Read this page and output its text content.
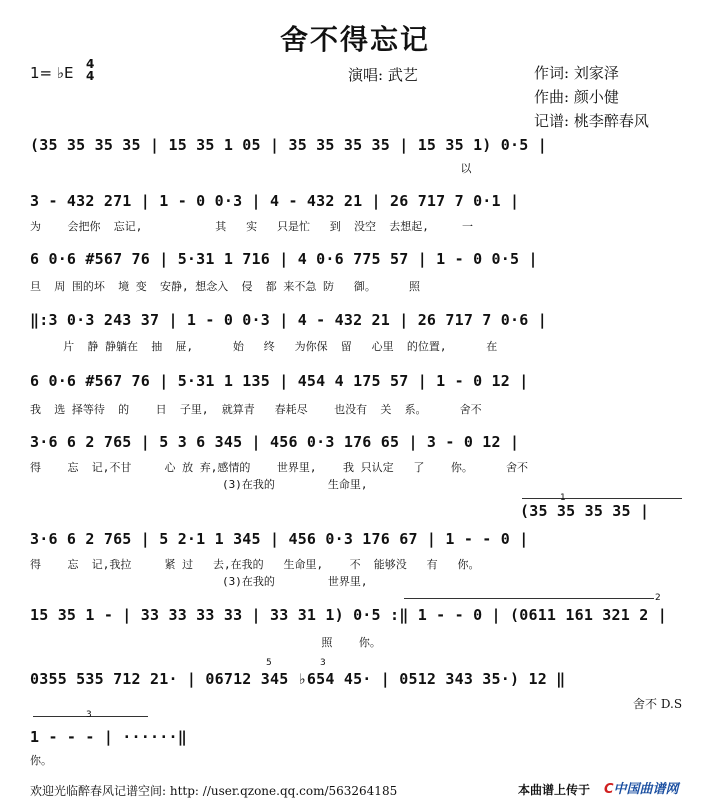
舍不得忘记
1= ♭E 4
4	演唱: 武艺	作词: 刘家泽
作曲: 颜小健
记谱: 桃李醉春风
(35 35 35 35 | 15 35 1 05 | 35 35 35 35 | 15 35 1) 0·5 |
以
3 - 432 271 | 1 - 0 0·3 | 4 - 432 21 | 26 717 7 0·1 |
为    会把你  忘记,           其   实   只是忙   到  没空  去想起,     一
6 0·6 #567 76 | 5·31 1 716 | 4 0·6 775 57 | 1 - 0 0·5 |
旦  周 围的坏  境 变  安静, 想念入  侵  都 来不急 防   御。     照
‖:3 0·3 243 37 | 1 - 0 0·3 | 4 - 432 21 | 26 717 7 0·6 |
片  静 静躺在  抽  屉,      始   终   为你保  留   心里  的位置,      在
6 0·6 #567 76 | 5·31 1 135 | 454 4 175 57 | 1 - 0 12 |
我  选 择等待  的    日  子里,  就算青   春耗尽    也没有  关  系。     舍不
3·6 6 2 765 | 5 3 6 345 | 456 0·3 176 65 | 3 - 0 12 |
得    忘  记,不甘     心 放 弃,感情的    世界里,    我 只认定   了    你。     舍不
(3)在我的        生命里,
(35 35 35 35 |
1
3·6 6 2 765 | 5 2·1 1 345 | 456 0·3 176 67 | 1 - - 0 |
得    忘  记,我拉     紧 过   去,在我的   生命里,    不  能够没   有   你。
(3)在我的        世界里,
15 35 1 - | 33 33 33 33 | 33 31 1) 0·5 :‖ 1 - - 0 | (0611 161 321 2 |
照    你。
2
5	3
0355 535 712 21· | 06712 345 ♭654 45· | 0512 343 35·) 12 ‖
舍不 D.S
3
1 - - - | ······‖
你。
欢迎光临醉春风记谱空间: http: //user.qzone.qq.com/563264185	本曲谱上传于 C中国曲谱网
